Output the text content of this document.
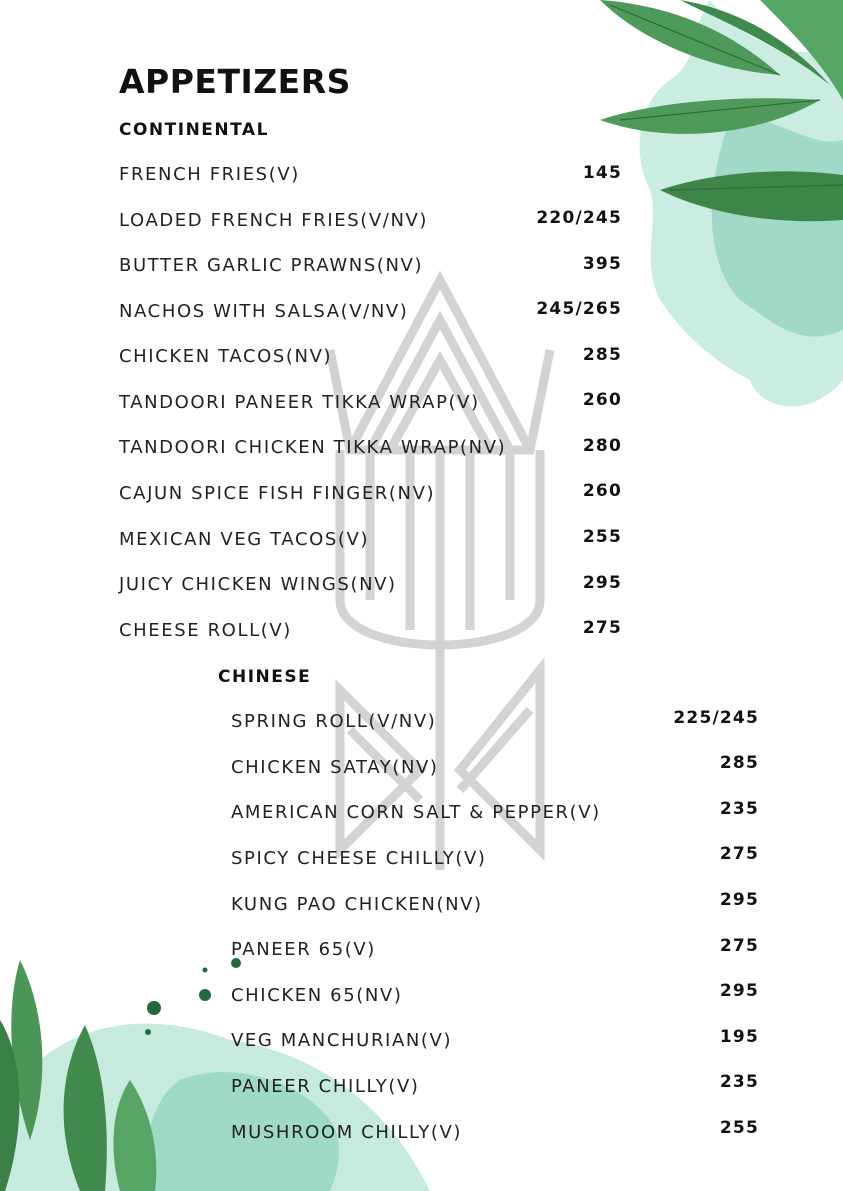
APPETIZERS
CONTINENTAL
FRENCH FRIES(V)	145
LOADED FRENCH FRIES(V/NV)	220/245
BUTTER GARLIC PRAWNS(NV)	395
NACHOS WITH SALSA(V/NV)	245/265
CHICKEN TACOS(NV)	285
TANDOORI PANEER TIKKA WRAP(V)	260
TANDOORI CHICKEN TIKKA WRAP(NV)	280
CAJUN SPICE FISH FINGER(NV)	260
MEXICAN VEG TACOS(V)	255
JUICY CHICKEN WINGS(NV)	295
CHEESE ROLL(V)	275
CHINESE
SPRING ROLL(V/NV)	225/245
CHICKEN SATAY(NV)	285
AMERICAN CORN SALT & PEPPER(V)	235
SPICY CHEESE CHILLY(V)	275
KUNG PAO CHICKEN(NV)	295
PANEER 65(V)	275
CHICKEN 65(NV)	295
VEG MANCHURIAN(V)	195
PANEER CHILLY(V)	235
MUSHROOM CHILLY(V)	255
